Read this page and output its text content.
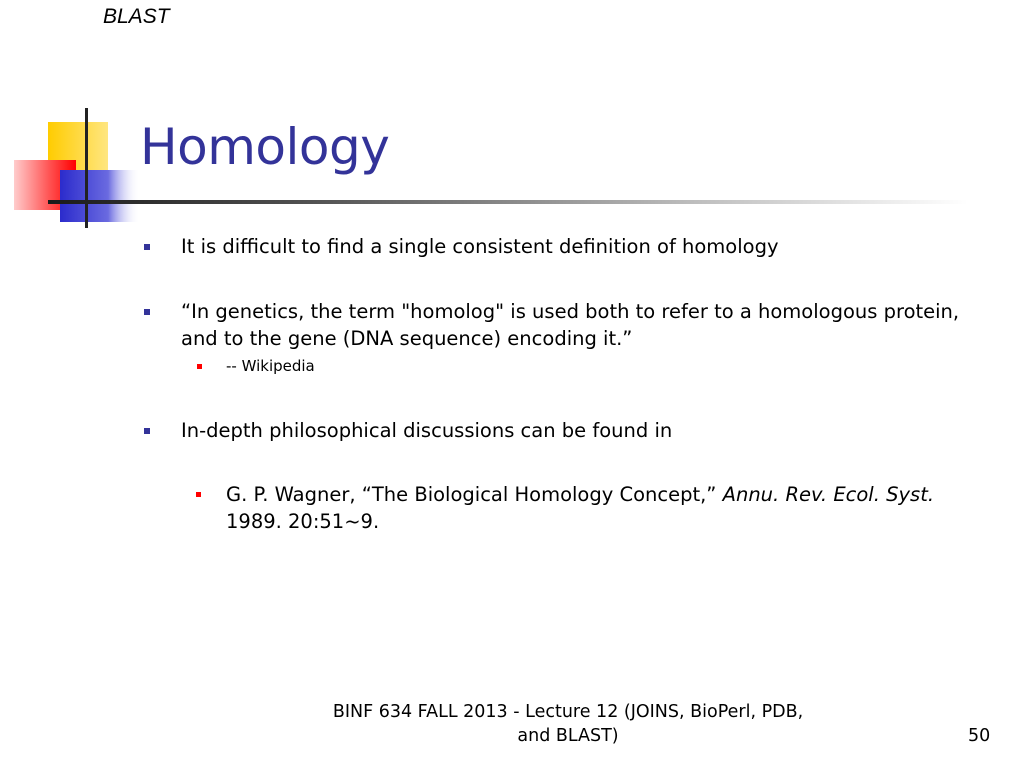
BLAST
Homology
It is difficult to find a single consistent definition of homology
“In genetics, the term "homolog" is used both to refer to a homologous protein, and to the gene (DNA sequence) encoding it.”
-- Wikipedia
In-depth philosophical discussions can be found in
G. P. Wagner, “The Biological Homology Concept,” Annu. Rev. Ecol. Syst.
1989. 20:51~9.
BINF 634 FALL 2013 - Lecture 12 (JOINS, BioPerl, PDB, and BLAST)	50
